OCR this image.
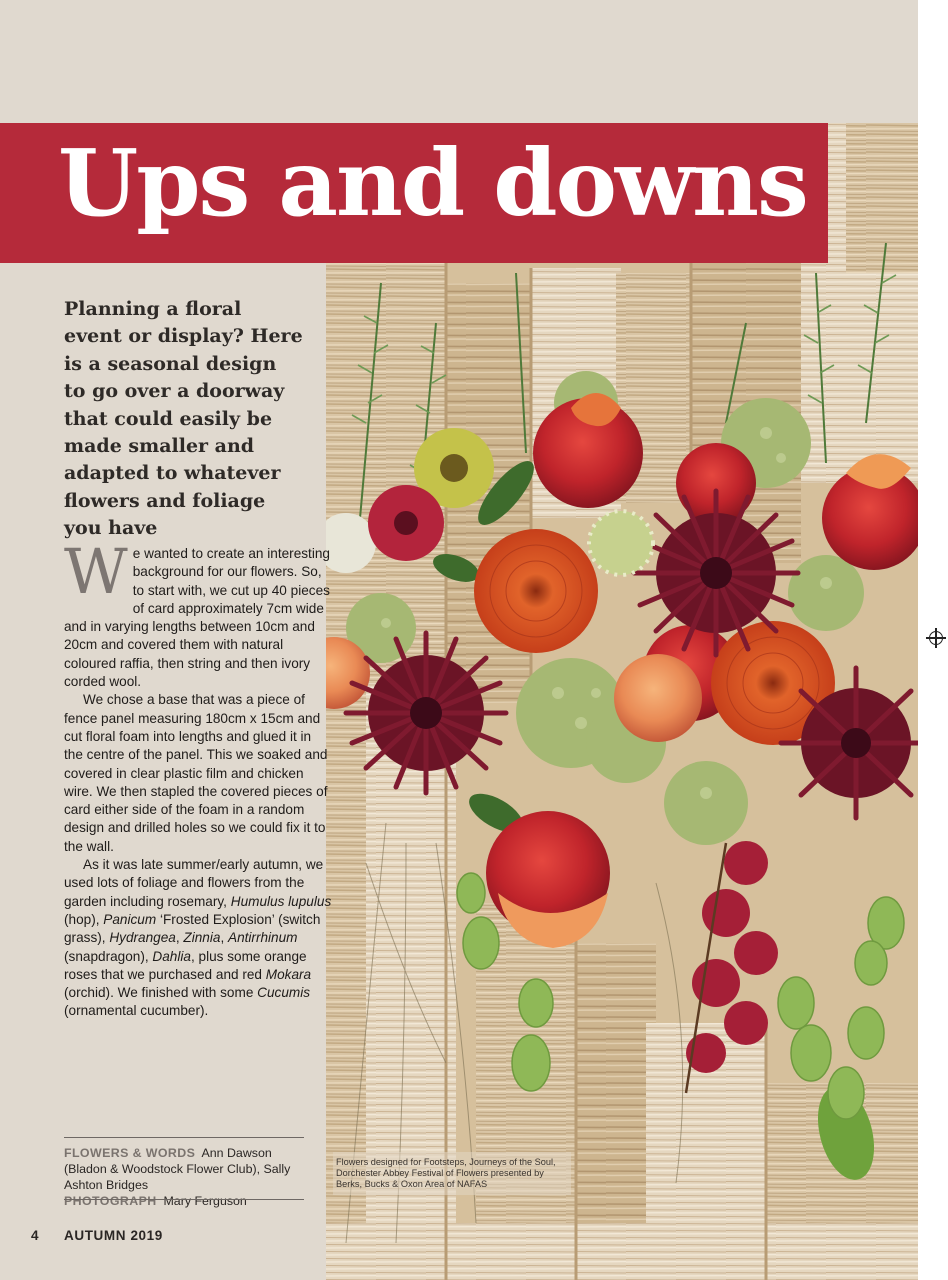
Ups and downs

Planning a floral event or display? Here is a seasonal design to go over a doorway that could easily be made smaller and adapted to whatever flowers and foliage you have

We wanted to create an interesting background for our flowers. So, to start with, we cut up 40 pieces of card approximately 7cm wide and in varying lengths between 10cm and 20cm and covered them with natural coloured raffia, then string and then ivory corded wool.

We chose a base that was a piece of fence panel measuring 180cm x 15cm and cut floral foam into lengths and glued it in the centre of the panel. This we soaked and covered in clear plastic film and chicken wire. We then stapled the covered pieces of card either side of the foam in a random design and drilled holes so we could fix it to the wall.

As it was late summer/early autumn, we used lots of foliage and flowers from the garden including rosemary, Humulus lupulus (hop), Panicum ‘Frosted Explosion’ (switch grass), Hydrangea, Zinnia, Antirrhinum (snapdragon), Dahlia, plus some orange roses that we purchased and red Mokara (orchid). We finished with some Cucumis (ornamental cucumber).

FLOWERS & WORDS Ann Dawson (Bladon & Woodstock Flower Club), Sally Ashton Bridges
PHOTOGRAPH Mary Ferguson
4 AUTUMN 2019
Flowers designed for Footsteps, Journeys of the Soul, Dorchester Abbey Festival of Flowers presented by Berks, Bucks & Oxon Area of NAFAS
